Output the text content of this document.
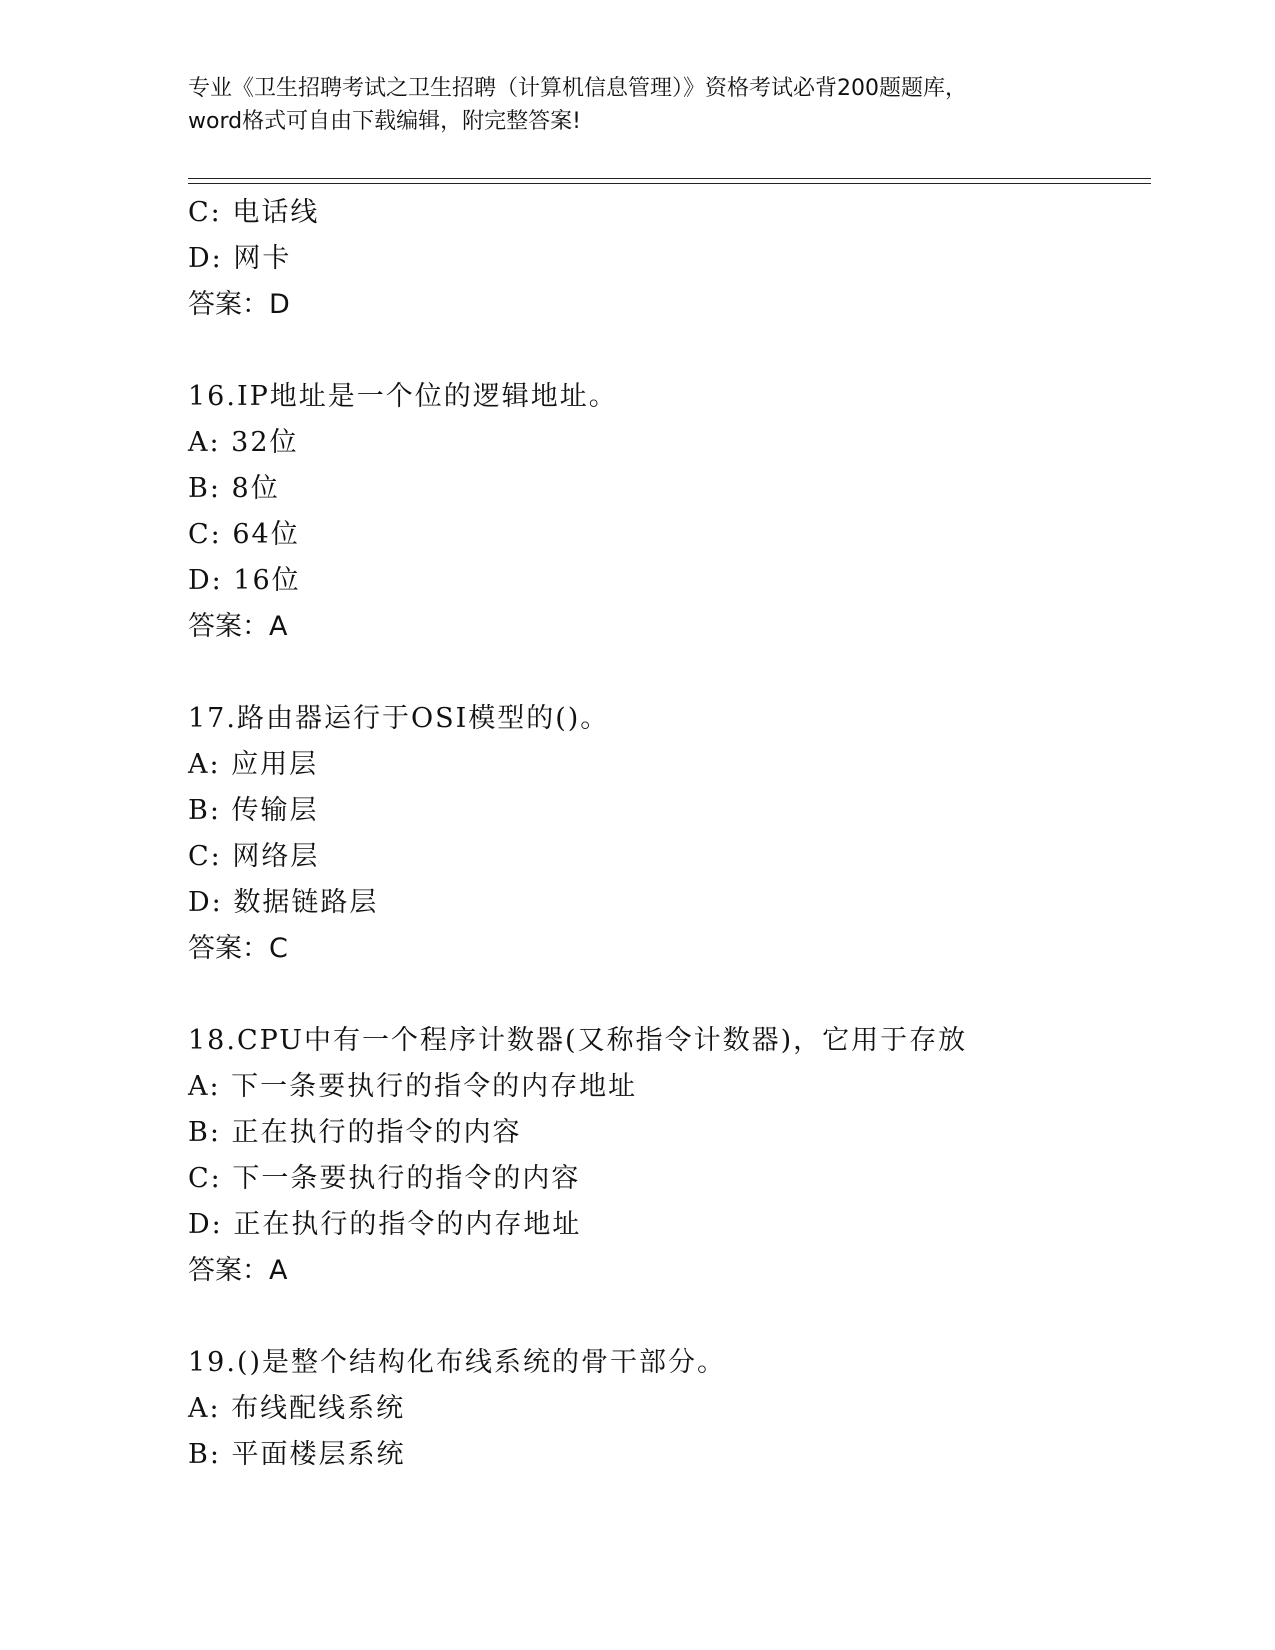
专业《卫生招聘考试之卫生招聘（计算机信息管理）》资格考试必背200题题库，
word格式可自由下载编辑，附完整答案!
C: 电话线
D: 网卡
答案：D
16.IP地址是一个位的逻辑地址。
A: 32位
B: 8位
C: 64位
D: 16位
答案：A
17.路由器运行于OSI模型的()。
A: 应用层
B: 传输层
C: 网络层
D: 数据链路层
答案：C
18.CPU中有一个程序计数器(又称指令计数器)，它用于存放
A: 下一条要执行的指令的内存地址
B: 正在执行的指令的内容
C: 下一条要执行的指令的内容
D: 正在执行的指令的内存地址
答案：A
19.()是整个结构化布线系统的骨干部分。
A: 布线配线系统
B: 平面楼层系统
